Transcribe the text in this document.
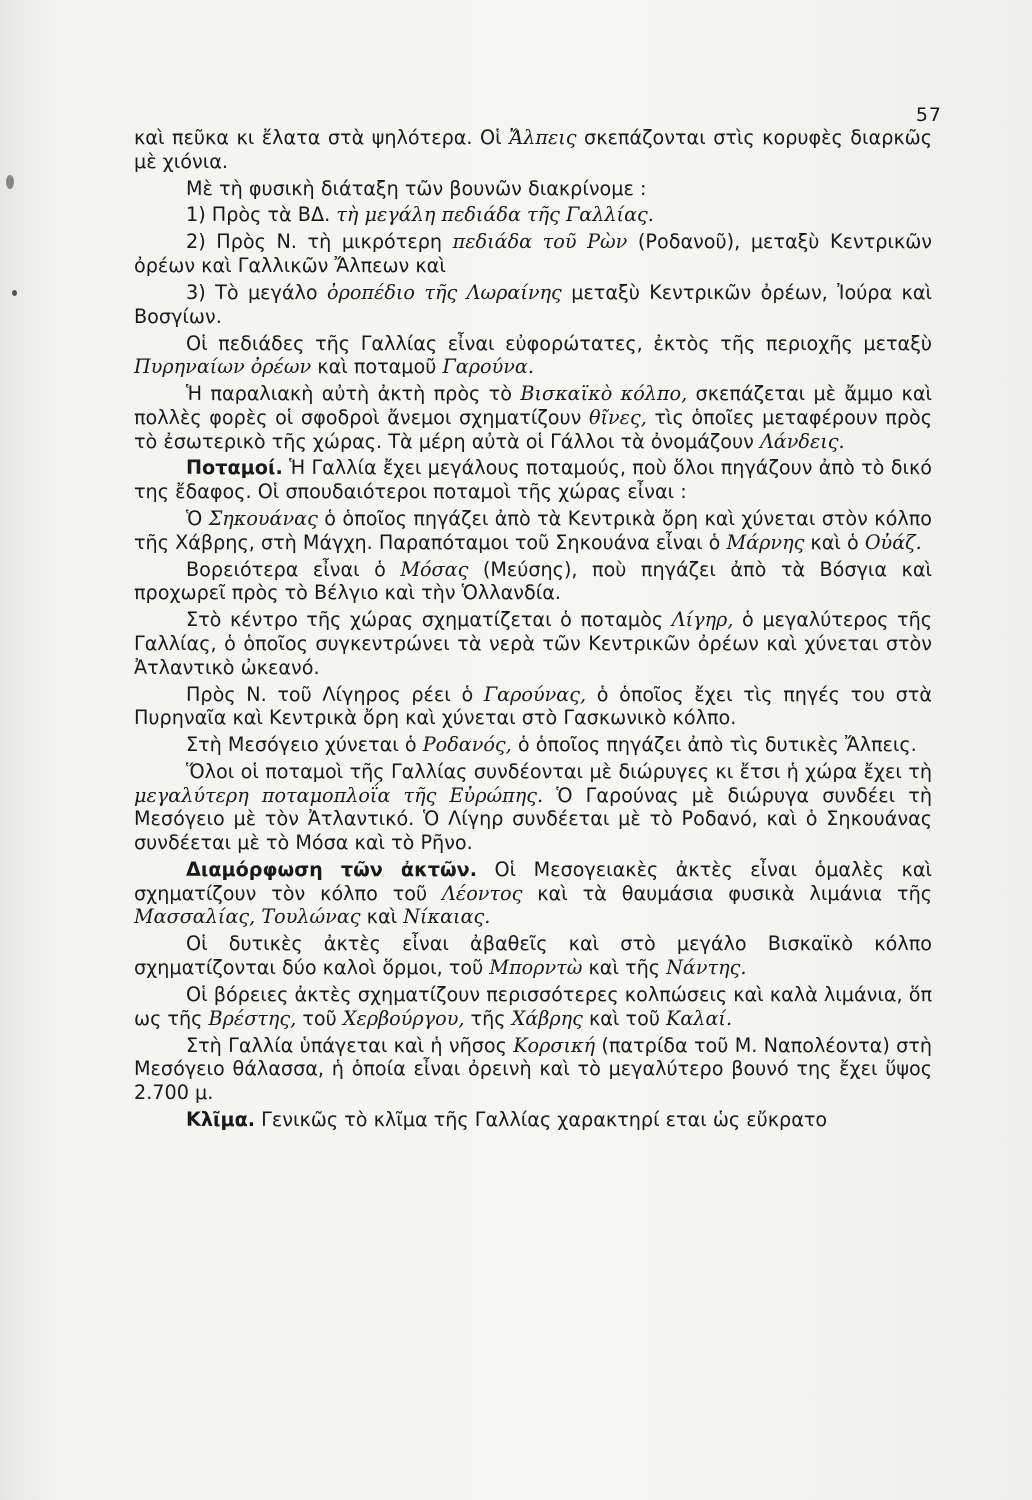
57

καὶ πεῦκα κι ἔλατα στὰ ψηλότερα. Οἱ Ἄλπεις σκεπάζονται στὶς κορυφὲς διαρκῶς μὲ χιόνια.

Μὲ τὴ φυσικὴ διάταξη τῶν βουνῶν διακρίνομε :

1) Πρὸς τὰ ΒΔ. τὴ μεγάλη πεδιάδα τῆς Γαλλίας.

2) Πρὸς Ν. τὴ μικρότερη πεδιάδα τοῦ Ρὼν (Ροδανοῦ), μεταξὺ Κεντρικῶν ὀρέων καὶ Γαλλικῶν Ἄλπεων καὶ

3) Τὸ μεγάλο ὀροπέδιο τῆς Λωραίνης μεταξὺ Κεντρικῶν ὀρέων, Ἰούρα καὶ Βοσγίων.

Οἱ πεδιάδες τῆς Γαλλίας εἶναι εὐφορώτατες, ἐκτὸς τῆς περιοχῆς μεταξὺ Πυρηναίων ὀρέων καὶ ποταμοῦ Γαρούνα.

Ἡ παραλιακὴ αὐτὴ ἀκτὴ πρὸς τὸ Βισκαϊκὸ κόλπο, σκεπάζεται μὲ ἄμμο καὶ πολλὲς φορὲς οἱ σφοδροὶ ἄνεμοι σχηματίζουν θῖνες, τὶς ὁποῖες μεταφέρουν πρὸς τὸ ἐσωτερικὸ τῆς χώρας. Τὰ μέρη αὐτὰ οἱ Γάλλοι τὰ ὀνομάζουν Λάνδεις.

Ποταμοί. Ἡ Γαλλία ἔχει μεγάλους ποταμούς, ποὺ ὅλοι πηγάζουν ἀπὸ τὸ δικό της ἔδαφος. Οἱ σπουδαιότεροι ποταμοὶ τῆς χώρας εἶναι :

Ὁ Σηκουάνας ὁ ὁποῖος πηγάζει ἀπὸ τὰ Κεντρικὰ ὄρη καὶ χύνεται στὸν κόλπο τῆς Χάβρης, στὴ Μάγχη. Παραπόταμοι τοῦ Σηκουάνα εἶναι ὁ Μάρνης καὶ ὁ Οὐάζ.

Βορειότερα εἶναι ὁ Μόσας (Μεύσης), ποὺ πηγάζει ἀπὸ τὰ Βόσγια καὶ προχωρεῖ πρὸς τὸ Βέλγιο καὶ τὴν Ὁλλανδία.

Στὸ κέντρο τῆς χώρας σχηματίζεται ὁ ποταμὸς Λίγηρ, ὁ μεγαλύτερος τῆς Γαλλίας, ὁ ὁποῖος συγκεντρώνει τὰ νερὰ τῶν Κεντρικῶν ὀρέων καὶ χύνεται στὸν Ἀτλαντικὸ ὠκεανό.

Πρὸς Ν. τοῦ Λίγηρος ρέει ὁ Γαρούνας, ὁ ὁποῖος ἔχει τὶς πηγές του στὰ Πυρηναῖα καὶ Κεντρικὰ ὄρη καὶ χύνεται στὸ Γασκωνικὸ κόλπο.

Στὴ Μεσόγειο χύνεται ὁ Ροδανός, ὁ ὁποῖος πηγάζει ἀπὸ τὶς δυτικὲς Ἄλπεις.

Ὅλοι οἱ ποταμοὶ τῆς Γαλλίας συνδέονται μὲ διώρυγες κι ἔτσι ἡ χώρα ἔχει τὴ μεγαλύτερη ποταμοπλοΐα τῆς Εὐρώπης. Ὁ Γαρούνας μὲ διώρυγα συνδέει τὴ Μεσόγειο μὲ τὸν Ἀτλαντικό. Ὁ Λίγηρ συνδέεται μὲ τὸ Ροδανό, καὶ ὁ Σηκουάνας συνδέεται μὲ τὸ Μόσα καὶ τὸ Ρῆνο.

Διαμόρφωση τῶν ἀκτῶν. Οἱ Μεσογειακὲς ἀκτὲς εἶναι ὁμαλὲς καὶ σχηματίζουν τὸν κόλπο τοῦ Λέοντος καὶ τὰ θαυμάσια φυσικὰ λιμάνια τῆς Μασσαλίας, Τουλώνας καὶ Νίκαιας.

Οἱ δυτικὲς ἀκτὲς εἶναι ἀβαθεῖς καὶ στὸ μεγάλο Βισκαϊκὸ κόλπο σχηματίζονται δύο καλοὶ ὅρμοι, τοῦ Μπορντὼ καὶ τῆς Νάντης.

Οἱ βόρειες ἀκτὲς σχηματίζουν περισσότερες κολπώσεις καὶ καλὰ λιμάνια, ὅπ ως τῆς Βρέστης, τοῦ Χερβούργου, τῆς Χάβρης καὶ τοῦ Καλαί.

Στὴ Γαλλία ὑπάγεται καὶ ἡ νῆσος Κορσική (πατρίδα τοῦ Μ. Ναπολέοντα) στὴ Μεσόγειο θάλασσα, ἡ ὁποία εἶναι ὀρεινὴ καὶ τὸ μεγαλύτερο βουνό της ἔχει ὕψος 2.700 μ.

Κλῖμα. Γενικῶς τὸ κλῖμα τῆς Γαλλίας χαρακτηρί εται ὡς εὔκρατο
